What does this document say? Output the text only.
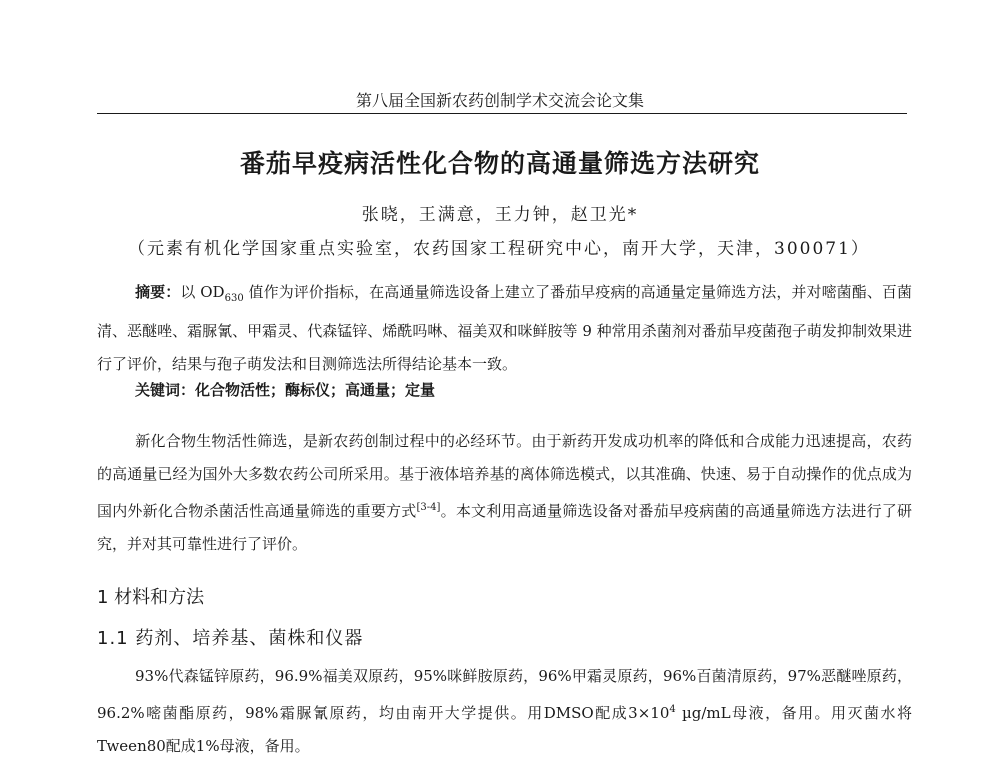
第八届全国新农药创制学术交流会论文集
番茄早疫病活性化合物的高通量筛选方法研究
张晓，王满意，王力钟，赵卫光*
（元素有机化学国家重点实验室，农药国家工程研究中心，南开大学，天津，300071）
摘要：以 $OD_{630}$ 值作为评价指标，在高通量筛选设备上建立了番茄早疫病的高通量定量筛选方法，并对嘧菌酯、百菌清、恶醚唑、霜脲氰、甲霜灵、代森锰锌、烯酰吗啉、福美双和咪鲜胺等 9 种常用杀菌剂对番茄早疫菌孢子萌发抑制效果进行了评价，结果与孢子萌发法和目测筛选法所得结论基本一致。
关键词：化合物活性；酶标仪；高通量；定量
新化合物生物活性筛选，是新农药创制过程中的必经环节。由于新药开发成功机率的降低和合成能力迅速提高，农药的高通量已经为国外大多数农药公司所采用。基于液体培养基的离体筛选模式，以其准确、快速、易于自动操作的优点成为国内外新化合物杀菌活性高通量筛选的重要方式[3-4]。本文利用高通量筛选设备对番茄早疫病菌的高通量筛选方法进行了研究，并对其可靠性进行了评价。
1 材料和方法
1.1 药剂、培养基、菌株和仪器
93%代森锰锌原药，96.9%福美双原药，95%咪鲜胺原药，96%甲霜灵原药，96%百菌清原药，97%恶醚唑原药，96.2%嘧菌酯原药，98%霜脲氰原药，均由南开大学提供。用DMSO配成$3\times 10^4$ µg/mL母液，备用。用灭菌水将Tween80配成1%母液，备用。
